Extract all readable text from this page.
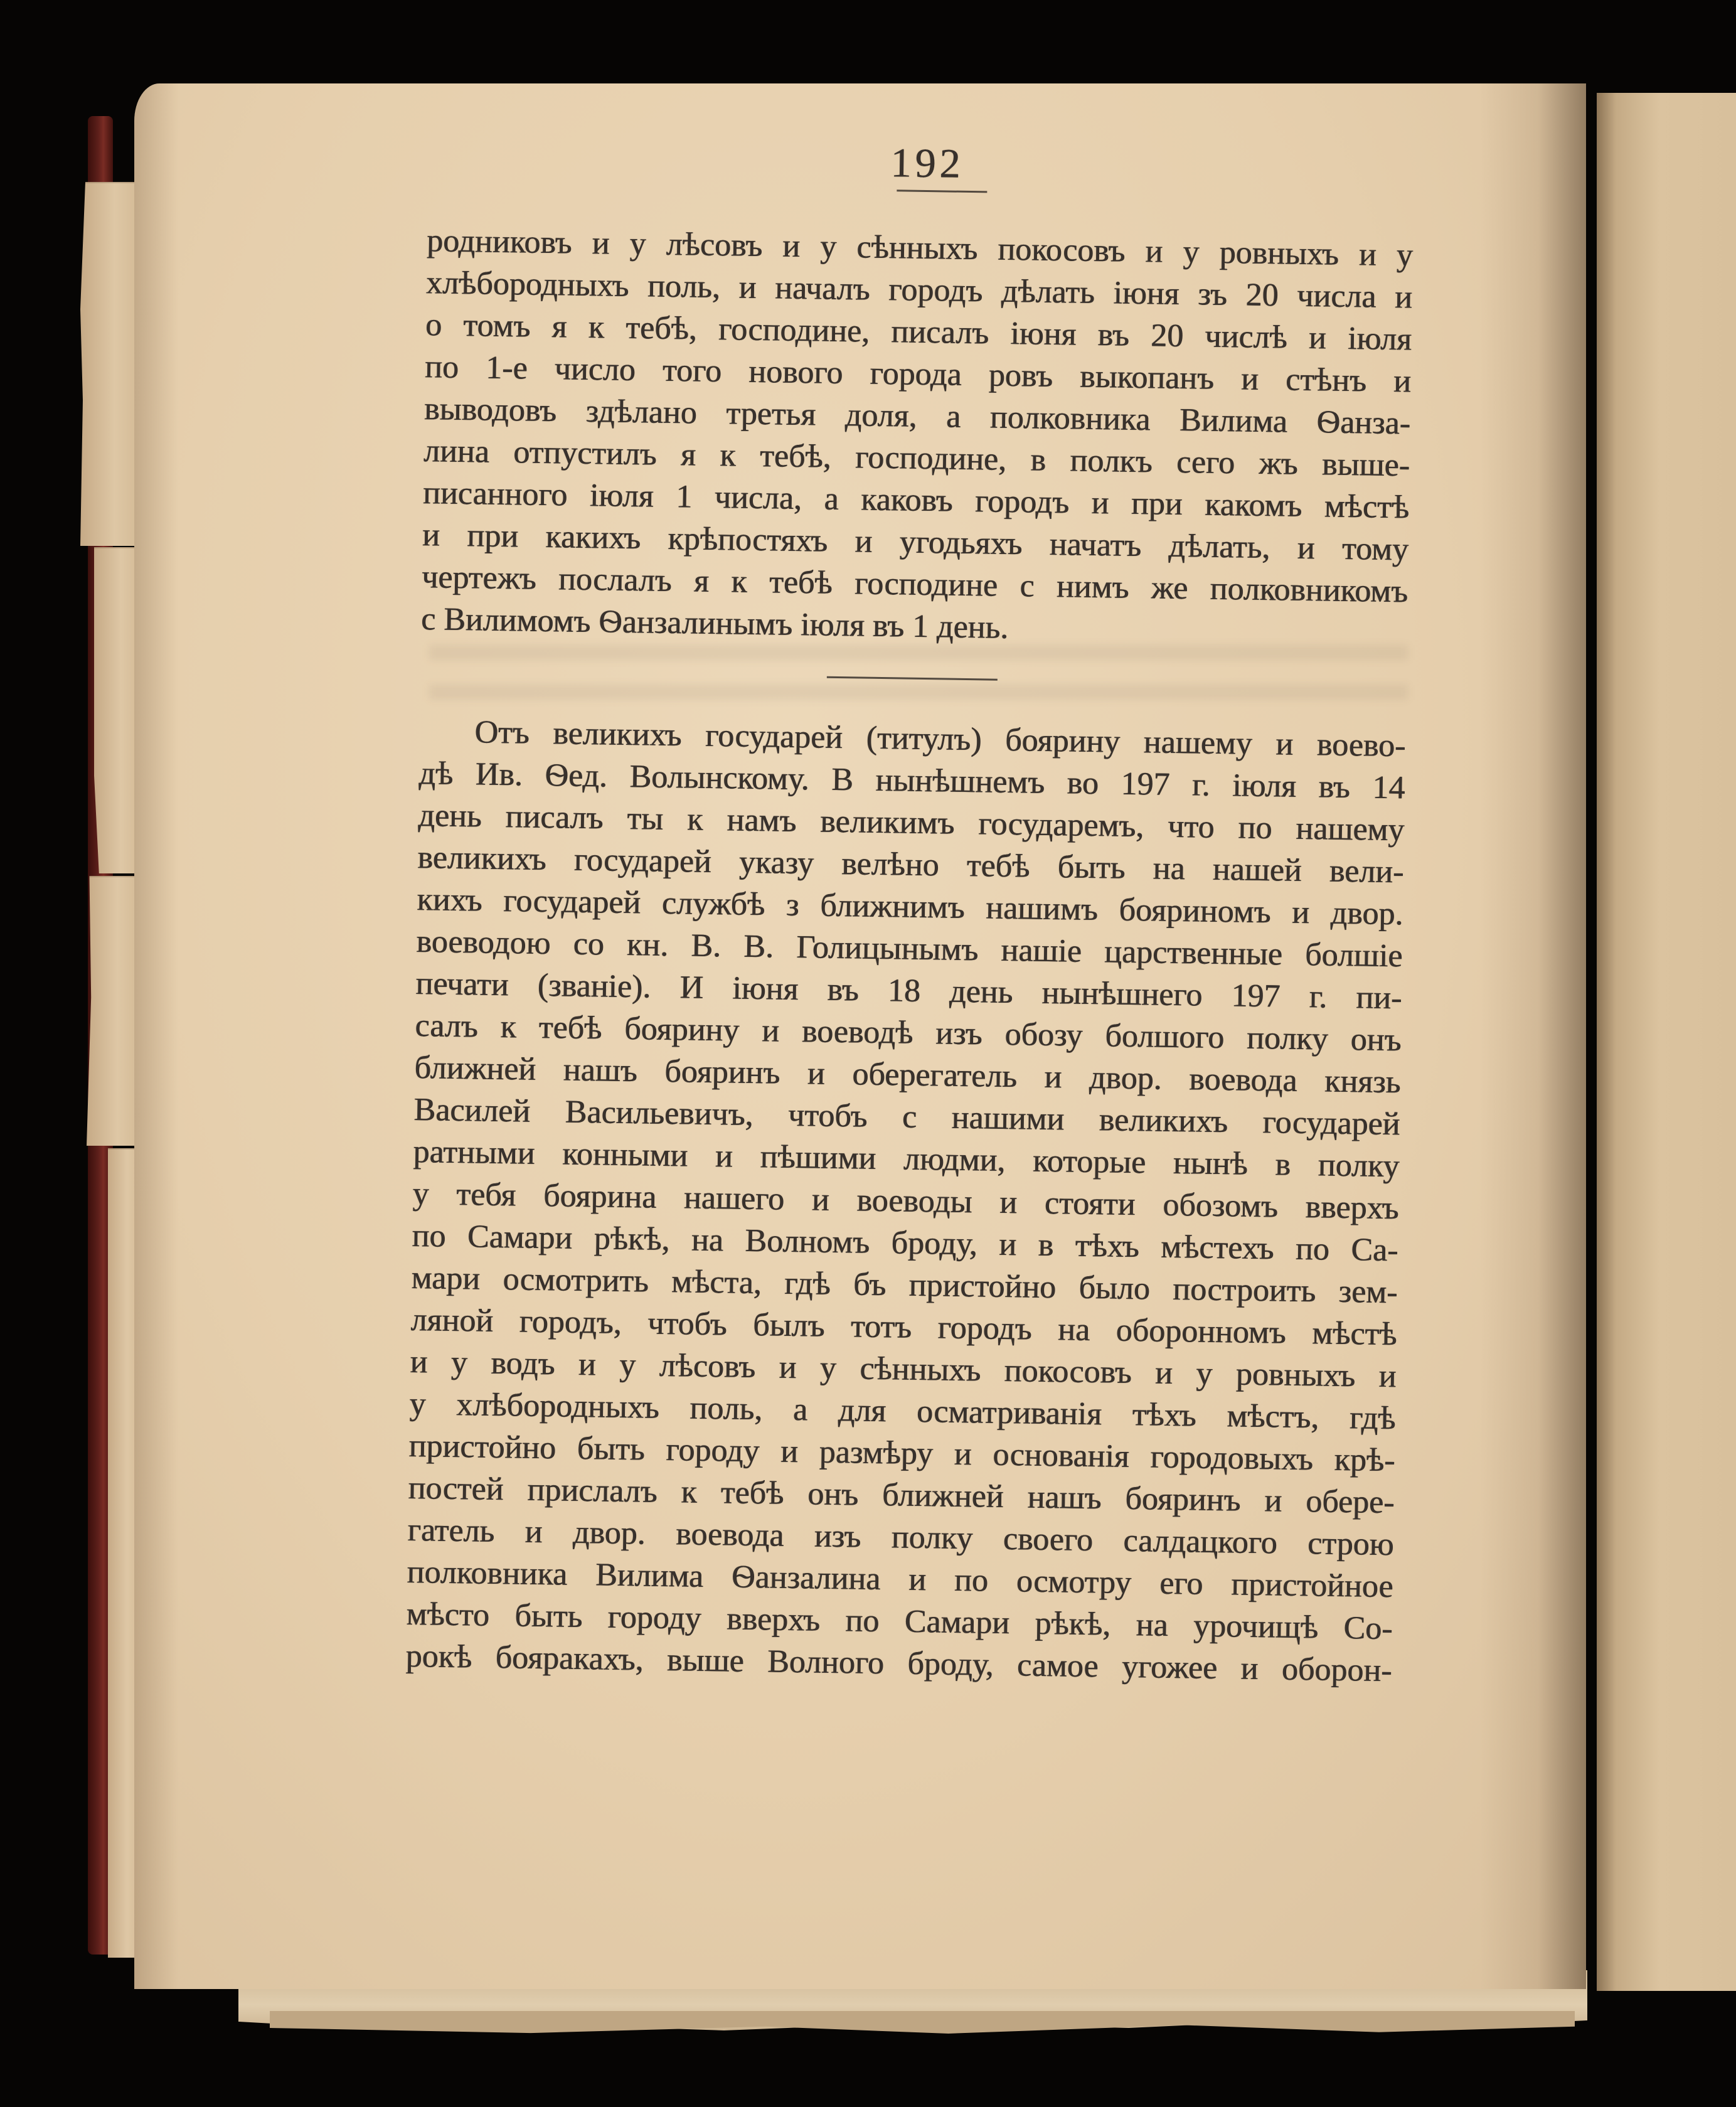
192
родниковъ и у лѣсовъ и у сѣнныхъ покосовъ и у ровныхъ и у
хлѣбородныхъ поль, и началъ городъ дѣлать іюня зъ 20 числа и
о томъ я к тебѣ, господине, писалъ іюня въ 20 числѣ и іюля
по 1-е число того нового города ровъ выкопанъ и стѣнъ и
выводовъ здѣлано третья доля, а полковника Вилима Ѳанза-
лина отпустилъ я к тебѣ, господине, в полкъ сего жъ выше-
писанного іюля 1 числа, а каковъ городъ и при какомъ мѣстѣ
и при какихъ крѣпостяхъ и угодьяхъ начатъ дѣлать, и тому
чертежъ послалъ я к тебѣ господине с нимъ же полковникомъ
с Вилимомъ Ѳанзалинымъ іюля въ 1 день.
Отъ великихъ государей (титулъ) боярину нашему и воево-
дѣ Ив. Ѳед. Волынскому. В нынѣшнемъ во 197 г. іюля въ 14
день писалъ ты к намъ великимъ государемъ, что по нашему
великихъ государей указу велѣно тебѣ быть на нашей вели-
кихъ государей службѣ з ближнимъ нашимъ бояриномъ и двор.
воеводою со кн. В. В. Голицынымъ нашіе царственные болшіе
печати (званіе). И іюня въ 18 день нынѣшнего 197 г. пи-
салъ к тебѣ боярину и воеводѣ изъ обозу болшого полку онъ
ближней нашъ бояринъ и оберегатель и двор. воевода князь
Василей Васильевичъ, чтобъ с нашими великихъ государей
ратными конными и пѣшими людми, которые нынѣ в полку
у тебя боярина нашего и воеводы и стояти обозомъ вверхъ
по Самари рѣкѣ, на Волномъ броду, и в тѣхъ мѣстехъ по Са-
мари осмотрить мѣста, гдѣ бъ пристойно было построить зем-
ляной городъ, чтобъ былъ тотъ городъ на оборонномъ мѣстѣ
и у водъ и у лѣсовъ и у сѣнныхъ покосовъ и у ровныхъ и
у хлѣбородныхъ поль, а для осматриванія тѣхъ мѣстъ, гдѣ
пристойно быть городу и размѣру и основанія городовыхъ крѣ-
постей прислалъ к тебѣ онъ ближней нашъ бояринъ и обере-
гатель и двор. воевода изъ полку своего салдацкого строю
полковника Вилима Ѳанзалина и по осмотру его пристойное
мѣсто быть городу вверхъ по Самари рѣкѣ, на урочищѣ Со-
рокѣ бояракахъ, выше Волного броду, самое угожее и оборон-
